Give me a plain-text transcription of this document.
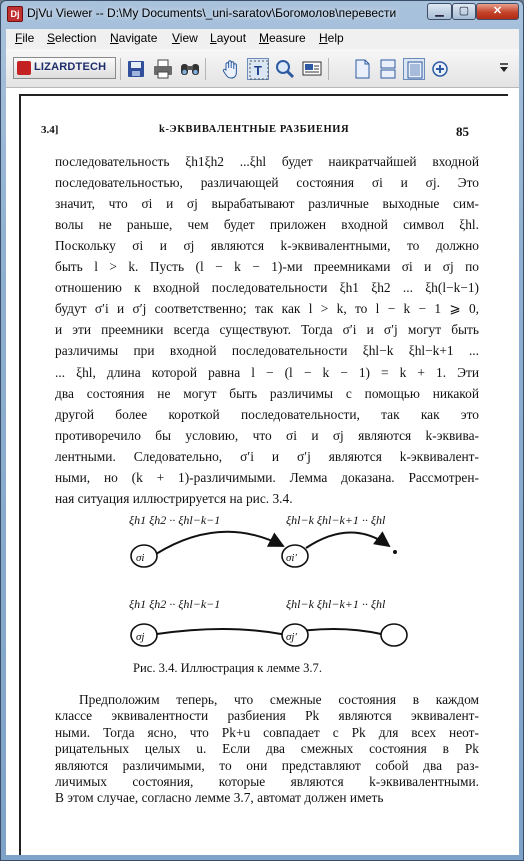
Dj DjVu Viewer -- D:\My Documents\_uni-saratov\Богомолов\перевести	▁	▢	✕
File Selection Navigate View Layout Measure Help
LIZARDTECH	T
3.4]	k-ЭКВИВАЛЕНТНЫЕ РАЗБИЕНИЯ	85
последовательность ξh1ξh2 ...ξhl будет наикратчайшей входной
последовательностью, различающей состояния σi и σj. Это
значит, что σi и σj вырабатывают различные выходные сим-
волы не раньше, чем будет приложен входной символ ξhl.
Поскольку σi и σj являются k-эквивалентными, то должно
быть l > k. Пусть (l − k − 1)-ми преемниками σi и σj по
отношению к входной последовательности ξh1 ξh2 ... ξh(l−k−1)
будут σ′i и σ′j соответственно; так как l > k, то l − k − 1 ⩾ 0,
и эти преемники всегда существуют. Тогда σ′i и σ′j могут быть
различимы при входной последовательности ξhl−k ξhl−k+1 ...
... ξhl, длина которой равна l − (l − k − 1) = k + 1. Эти
два состояния не могут быть различимы с помощью никакой
другой более короткой последовательности, так как это
противоречило бы условию, что σi и σj являются k-эквива-
лентными. Следовательно, σ′i и σ′j являются k-эквивалент-
ными, но (k + 1)-различимыми. Лемма доказана. Рассмотрен-
ная ситуация иллюстрируется на рис. 3.4.
ξh1 ξh2 ·· ξhl−k−1	ξhl−k ξhl−k+1 ·· ξhl
σi	σi′
ξh1 ξh2 ·· ξhl−k−1	ξhl−k ξhl−k+1 ·· ξhl
σj	σj′
Рис. 3.4. Иллюстрация к лемме 3.7.
Предположим теперь, что смежные состояния в каждом
классе эквивалентности разбиения Pk являются эквивалент-
ными. Тогда ясно, что Pk+u совпадает с Pk для всех неот-
рицательных целых u. Если два смежных состояния в Pk
являются различимыми, то они представляют собой два раз-
личимых состояния, которые являются k-эквивалентными.
В этом случае, согласно лемме 3.7, автомат должен иметь
